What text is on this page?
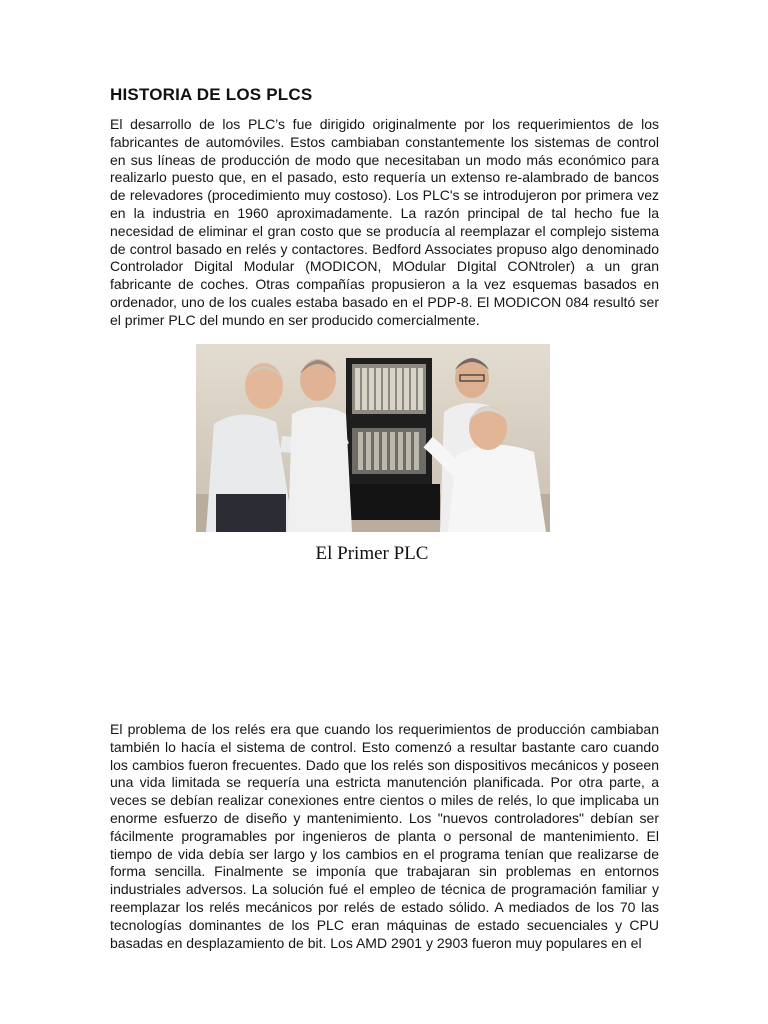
HISTORIA DE LOS PLCS

El desarrollo de los PLC’s fue dirigido originalmente por los requerimientos de los fabricantes de automóviles. Estos cambiaban constantemente los sistemas de control en sus líneas de producción de modo que necesitaban un modo más económico para realizarlo puesto que, en el pasado, esto requería un extenso re-alambrado de bancos de relevadores (procedimiento muy costoso). Los PLC's se introdujeron por primera vez en la industria en 1960 aproximadamente. La razón principal de tal hecho fue la necesidad de eliminar el gran costo que se producía al reemplazar el complejo sistema de control basado en relés y contactores. Bedford Associates propuso algo denominado Controlador Digital Modular (MODICON, MOdular DIgital CONtroler) a un gran fabricante de coches. Otras compañías propusieron a la vez esquemas basados en ordenador, uno de los cuales estaba basado en el PDP-8. El MODICON 084 resultó ser el primer PLC del mundo en ser producido comercialmente.

El Primer PLC

El problema de los relés era que cuando los requerimientos de producción cambiaban también lo hacía el sistema de control. Esto comenzó a resultar bastante caro cuando los cambios fueron frecuentes. Dado que los relés son dispositivos mecánicos y poseen una vida limitada se requería una estricta manutención planificada. Por otra parte, a veces se debían realizar conexiones entre cientos o miles de relés, lo que implicaba un enorme esfuerzo de diseño y mantenimiento. Los "nuevos controladores" debían ser fácilmente programables por ingenieros de planta o personal de mantenimiento. El tiempo de vida debía ser largo y los cambios en el programa tenían que realizarse de forma sencilla. Finalmente se imponía que trabajaran sin problemas en entornos industriales adversos. La solución fué el empleo de técnica de programación familiar y reemplazar los relés mecánicos por relés de estado sólido. A mediados de los 70 las tecnologías dominantes de los PLC eran máquinas de estado secuenciales y CPU basadas en desplazamiento de bit. Los AMD 2901 y 2903 fueron muy populares en el
